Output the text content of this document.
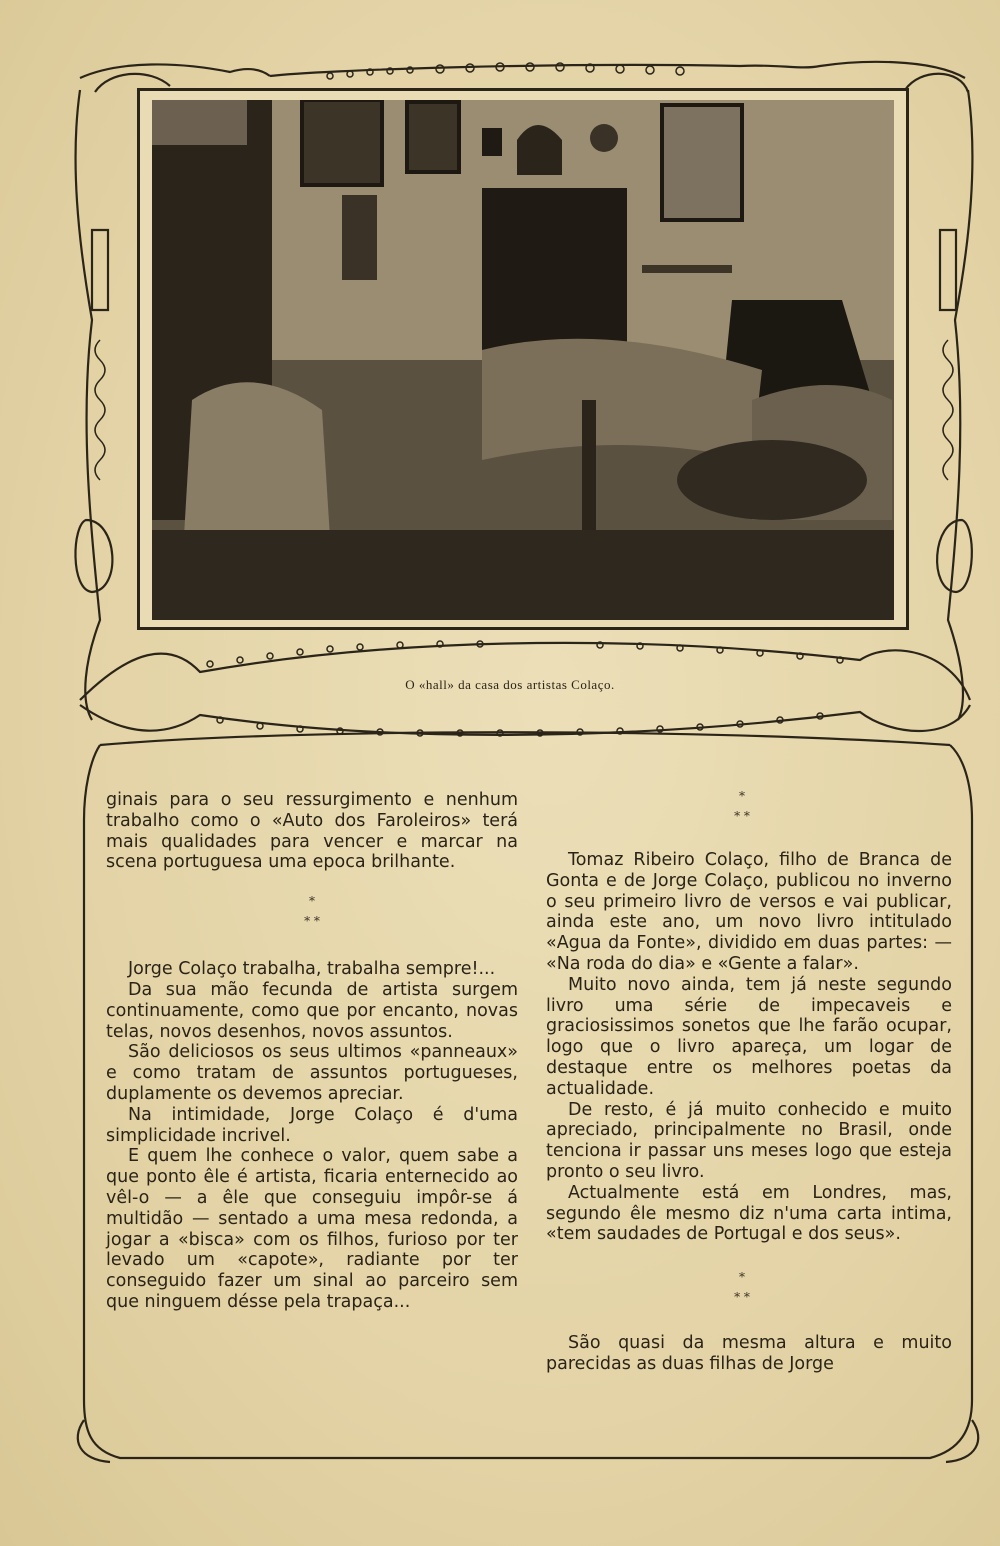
O «hall» da casa dos artistas Colaço.

ginais para o seu ressurgimento e nenhum trabalho como o «Auto dos Faroleiros» terá mais qualidades para vencer e marcar na scena portuguesa uma epoca brilhante.

*
* *

Jorge Colaço trabalha, trabalha sempre!...

Da sua mão fecunda de artista surgem continuamente, como que por encanto, novas telas, novos desenhos, novos assuntos.

São deliciosos os seus ultimos «panneaux» e como tratam de assuntos portugueses, duplamente os devemos apreciar.

Na intimidade, Jorge Colaço é d'uma simplicidade incrivel.

E quem lhe conhece o valor, quem sabe a que ponto êle é artista, ficaria enternecido ao vêl-o — a êle que conseguiu impôr-se á multidão — sentado a uma mesa redonda, a jogar a «bisca» com os filhos, furioso por ter levado um «capote», radiante por ter conseguido fazer um sinal ao parceiro sem que ninguem désse pela trapaça...

*
* *

Tomaz Ribeiro Colaço, filho de Branca de Gonta e de Jorge Colaço, publicou no inverno o seu primeiro livro de versos e vai publicar, ainda este ano, um novo livro intitulado «Agua da Fonte», dividido em duas partes: — «Na roda do dia» e «Gente a falar».

Muito novo ainda, tem já neste segundo livro uma série de impecaveis e graciosissimos sonetos que lhe farão ocupar, logo que o livro apareça, um logar de destaque entre os melhores poetas da actualidade.

De resto, é já muito conhecido e muito apreciado, principalmente no Brasil, onde tenciona ir passar uns meses logo que esteja pronto o seu livro.

Actualmente está em Londres, mas, segundo êle mesmo diz n'uma carta intima, «tem saudades de Portugal e dos seus».

*
* *

São quasi da mesma altura e muito parecidas as duas filhas de Jorge
